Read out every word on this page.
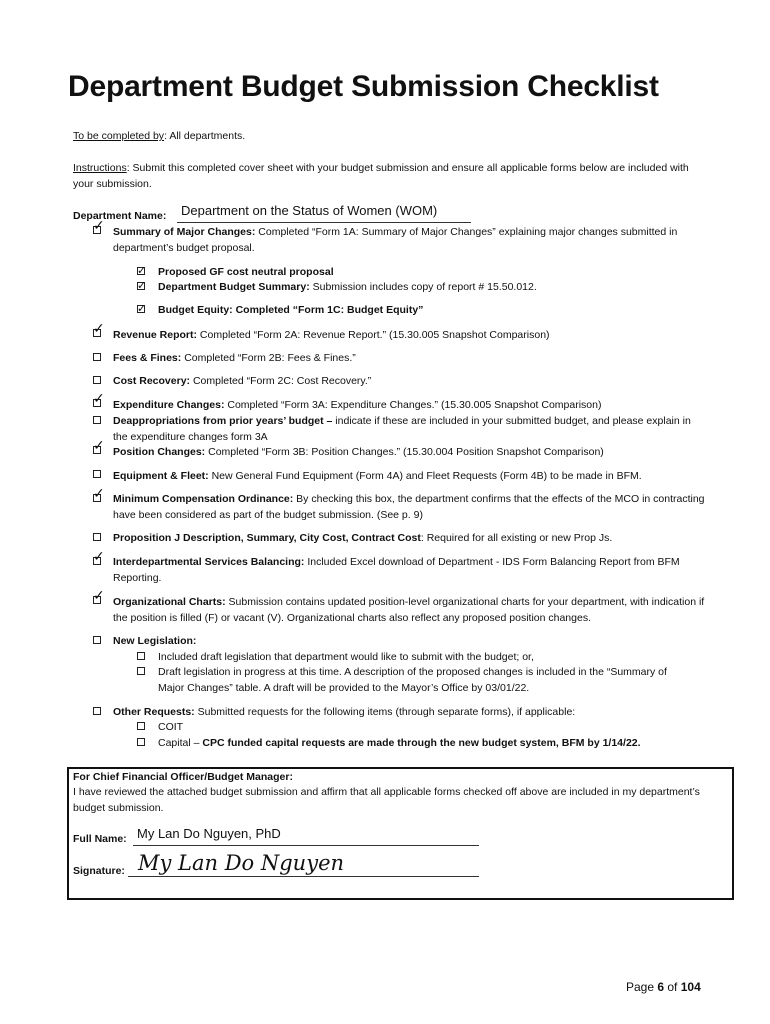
Department Budget Submission Checklist
To be completed by: All departments.
Instructions: Submit this completed cover sheet with your budget submission and ensure all applicable forms below are included with your submission.
Department Name: Department on the Status of Women (WOM)
✓ Summary of Major Changes: Completed “Form 1A: Summary of Major Changes” explaining major changes submitted in department’s budget proposal.
✓ Proposed GF cost neutral proposal
✓ Department Budget Summary: Submission includes copy of report # 15.50.012.
✓ Budget Equity: Completed “Form 1C: Budget Equity”
✓ Revenue Report: Completed “Form 2A: Revenue Report.” (15.30.005 Snapshot Comparison)
Fees & Fines: Completed “Form 2B: Fees & Fines.”
Cost Recovery: Completed “Form 2C: Cost Recovery.”
✓ Expenditure Changes: Completed “Form 3A: Expenditure Changes.” (15.30.005 Snapshot Comparison)
Deappropriations from prior years’ budget – indicate if these are included in your submitted budget, and please explain in the expenditure changes form 3A
✓ Position Changes: Completed “Form 3B: Position Changes.” (15.30.004 Position Snapshot Comparison)
Equipment & Fleet: New General Fund Equipment (Form 4A) and Fleet Requests (Form 4B) to be made in BFM.
✓ Minimum Compensation Ordinance: By checking this box, the department confirms that the effects of the MCO in contracting have been considered as part of the budget submission. (See p. 9)
Proposition J Description, Summary, City Cost, Contract Cost: Required for all existing or new Prop Js.
✓ Interdepartmental Services Balancing: Included Excel download of Department - IDS Form Balancing Report from BFM Reporting.
✓ Organizational Charts: Submission contains updated position-level organizational charts for your department, with indication if the position is filled (F) or vacant (V). Organizational charts also reflect any proposed position changes.
New Legislation:
Included draft legislation that department would like to submit with the budget; or,
Draft legislation in progress at this time. A description of the proposed changes is included in the “Summary of Major Changes” table. A draft will be provided to the Mayor’s Office by 03/01/22.
Other Requests: Submitted requests for the following items (through separate forms), if applicable:
COIT
Capital – CPC funded capital requests are made through the new budget system, BFM by 1/14/22.
For Chief Financial Officer/Budget Manager:
I have reviewed the attached budget submission and affirm that all applicable forms checked off above are included in my department’s budget submission.
Full Name: My Lan Do Nguyen, PhD
Signature: My Lan Do Nguyen
Page 6 of 104
